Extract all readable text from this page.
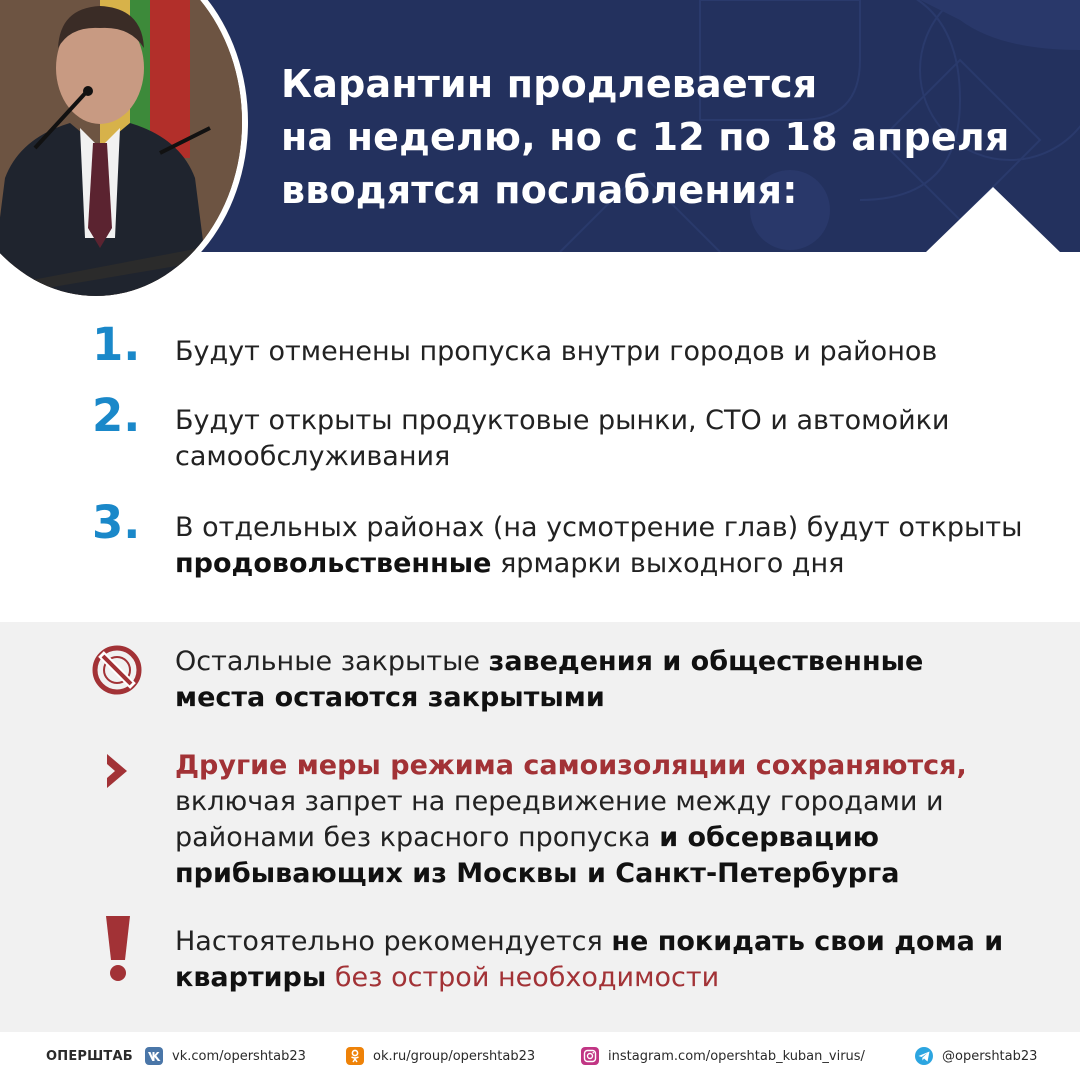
Карантин продлевается
на неделю, но с 12 по 18 апреля
вводятся послабления:
1. Будут отменены пропуска внутри городов и районов

2. Будут открыты продуктовые рынки, СТО и автомойки самообслуживания

3. В отдельных районах (на усмотрение глав) будут открыты
продовольственные ярмарки выходного дня

Остальные закрытые заведения и общественные места остаются закрытыми

Другие меры режима самоизоляции сохраняются, включая запрет на передвижение между городами и районами без красного пропуска и обсервацию прибывающих из Москвы и Санкт-Петербурга

Настоятельно рекомендуется не покидать свои дома и квартиры без острой необходимости

ОПЕРШТАБ	vk.com/opershtab23	ok.ru/group/opershtab23	instagram.com/opershtab_kuban_virus/	@opershtab23
